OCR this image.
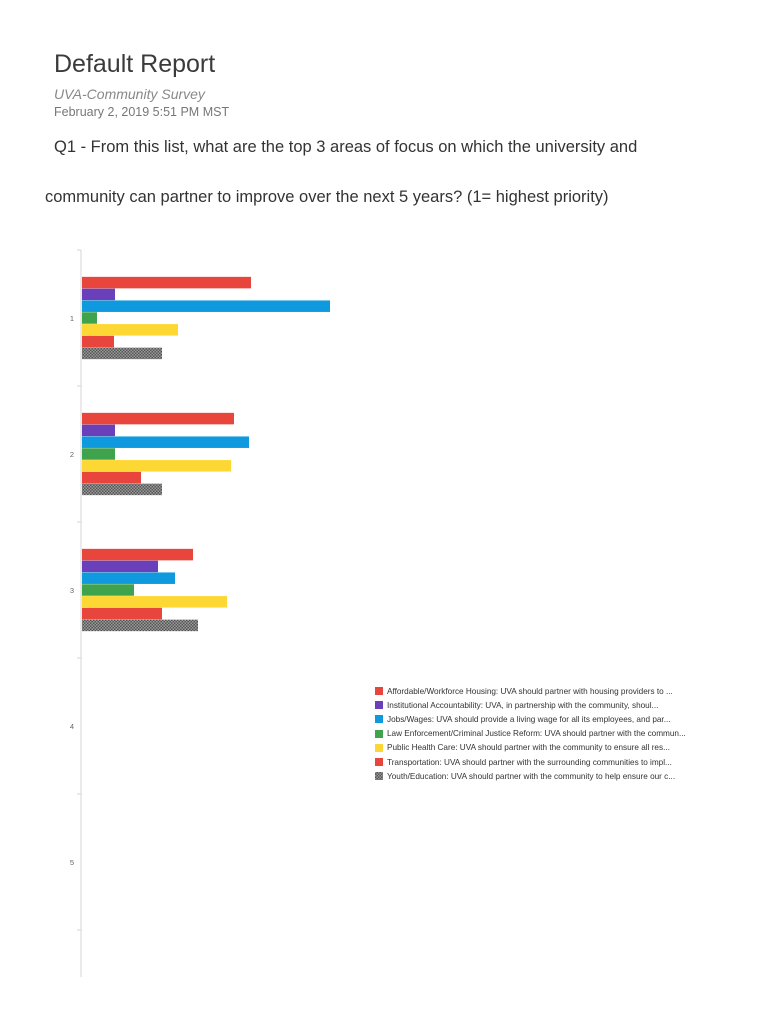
Default Report
UVA-Community Survey
February 2, 2019 5:51 PM MST
Q1 - From this list, what are the top 3 areas of focus on which the university and
community can partner to improve over the next 5 years? (1= highest priority)
1
2
3
4
5
Affordable/Workforce Housing: UVA should partner with housing providers to ...
Institutional Accountability: UVA, in partnership with the community, shoul...
Jobs/Wages: UVA should provide a living wage for all its employees, and par...
Law Enforcement/Criminal Justice Reform: UVA should partner with the commun...
Public Health Care: UVA should partner with the community to ensure all res...
Transportation: UVA should partner with the surrounding communities to impl...
Youth/Education: UVA should partner with the community to help ensure our c...
